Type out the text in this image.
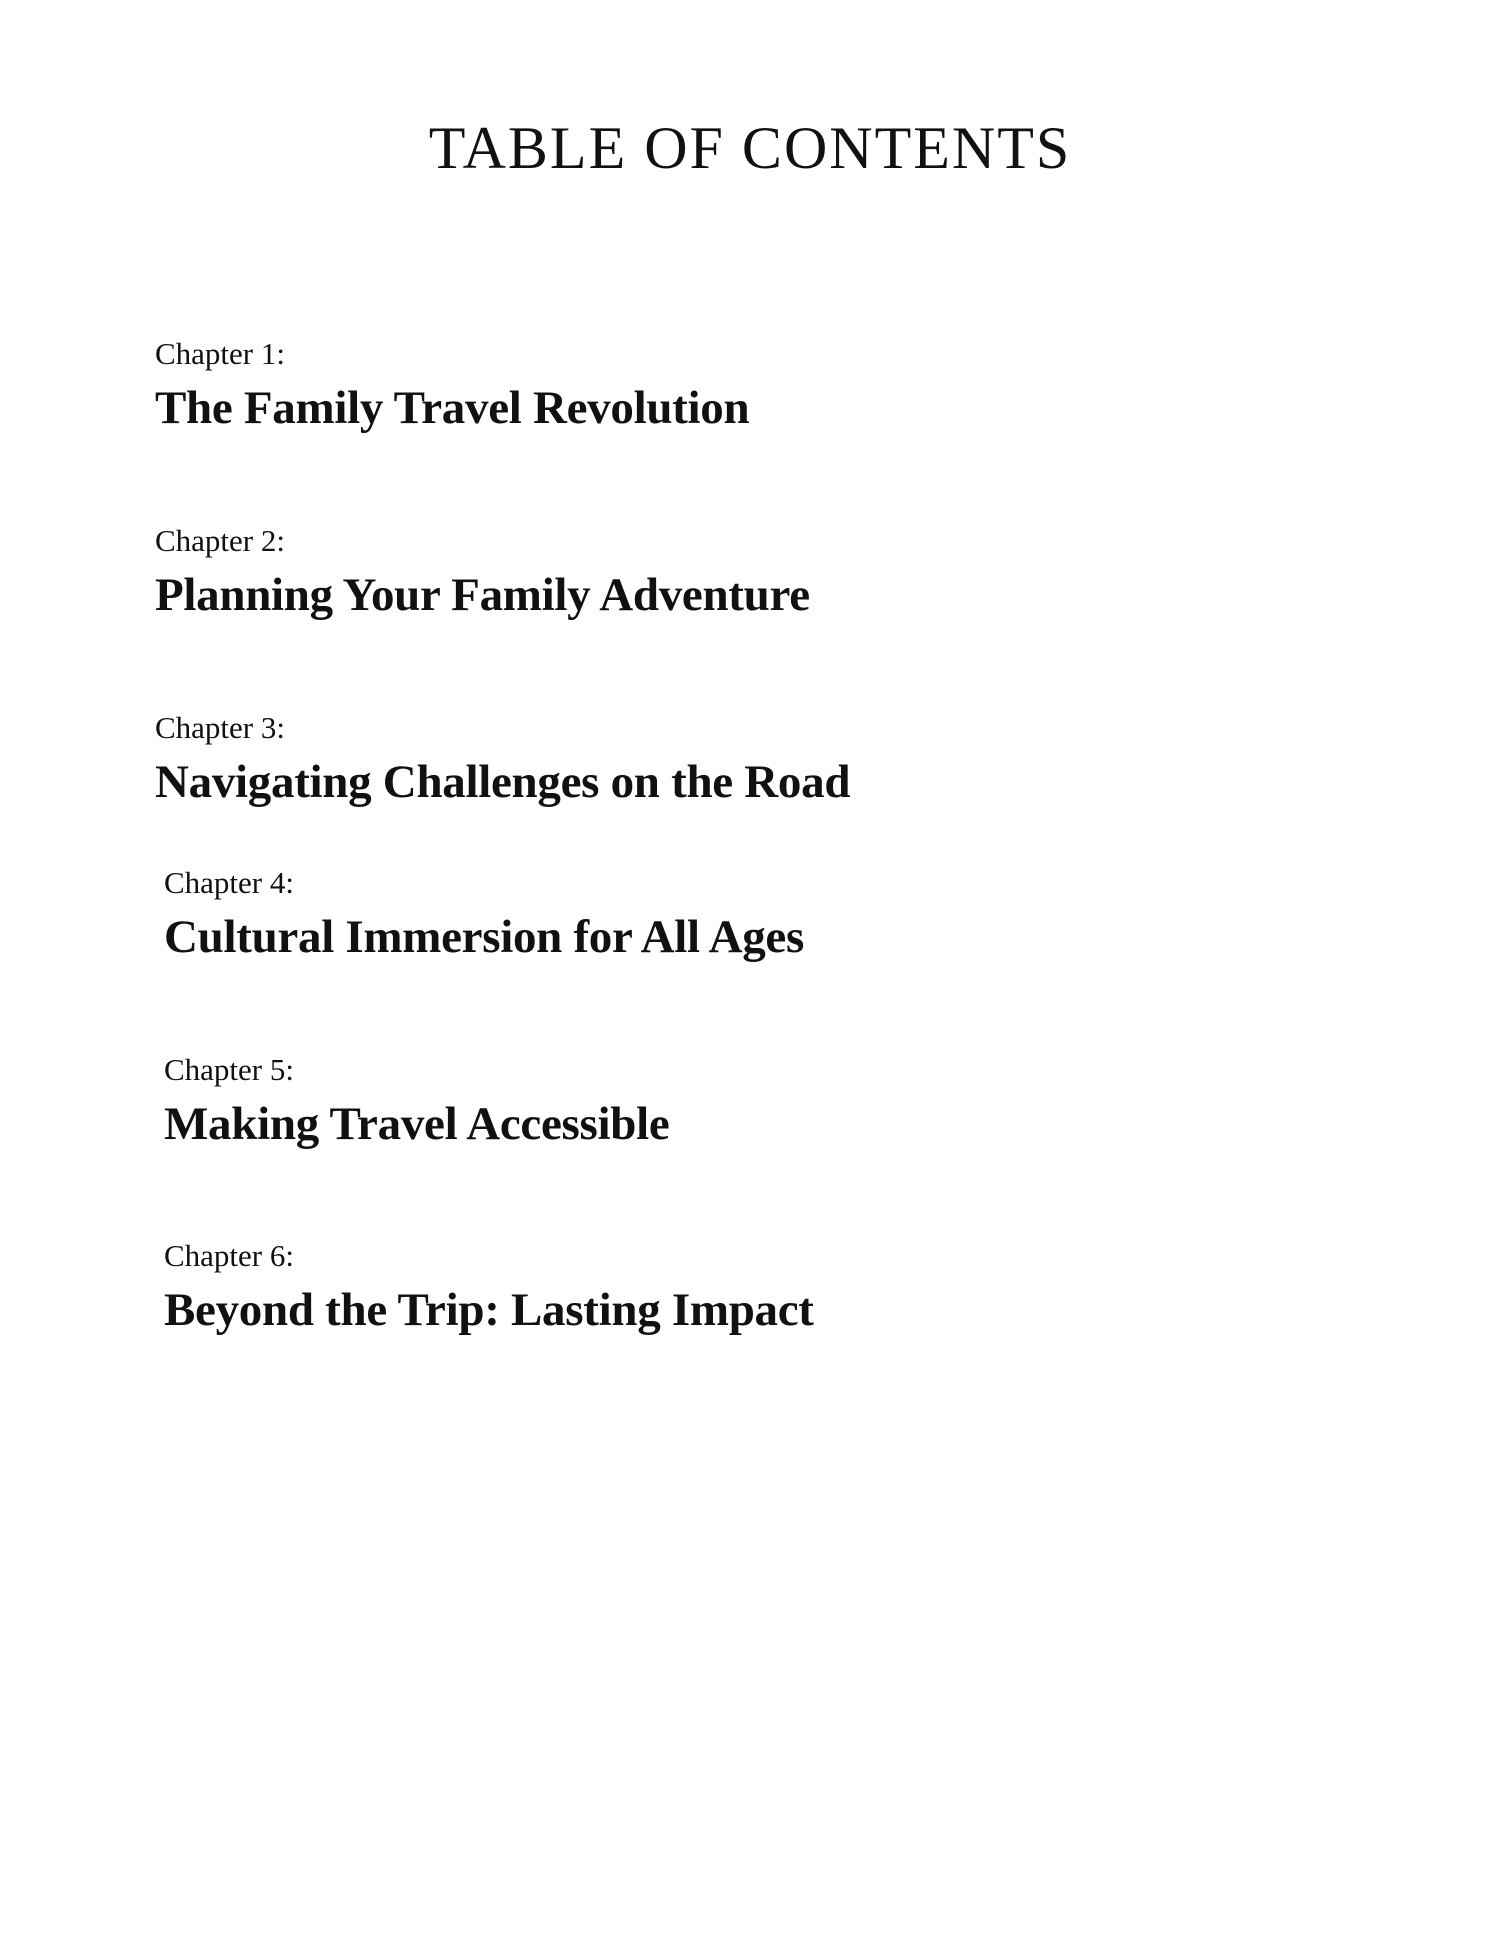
TABLE OF CONTENTS
Chapter 1:
The Family Travel Revolution
Chapter 2:
Planning Your Family Adventure
Chapter 3:
Navigating Challenges on the Road
Chapter 4:
Cultural Immersion for All Ages
Chapter 5:
Making Travel Accessible
Chapter 6:
Beyond the Trip: Lasting Impact
